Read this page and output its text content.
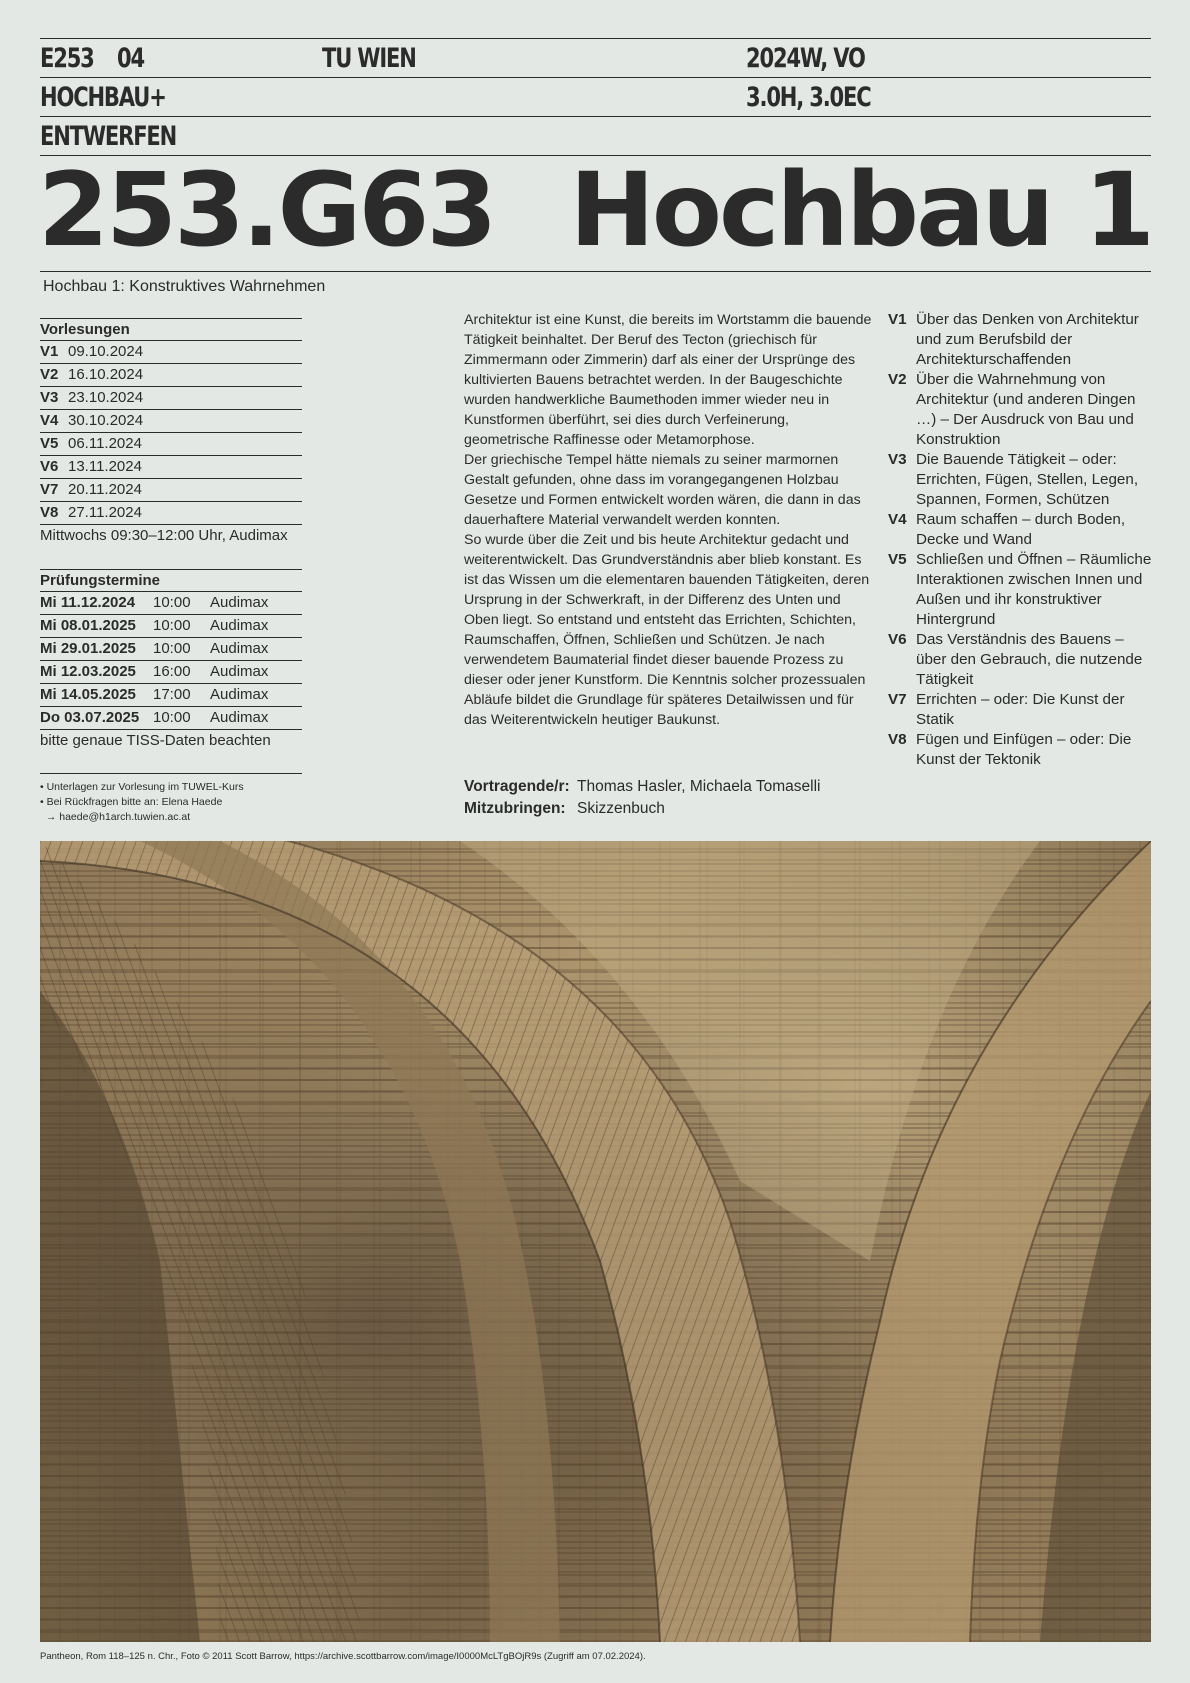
E253 04
HOCHBAU+
ENTWERFEN
TU WIEN	2024W, VO
3.0H, 3.0EC
253.G63 Hochbau 1
Hochbau 1: Konstruktives Wahrnehmen
Vorlesungen
V1 09.10.2024
V2 16.10.2024
V3 23.10.2024
V4 30.10.2024
V5 06.11.2024
V6 13.11.2024
V7 20.11.2024
V8 27.11.2024
Mittwochs 09:30–12:00 Uhr, Audimax
Prüfungstermine
Mi 11.12.2024 10:00 Audimax
Mi 08.01.2025 10:00 Audimax
Mi 29.01.2025 10:00 Audimax
Mi 12.03.2025 16:00 Audimax
Mi 14.05.2025 17:00 Audimax
Do 03.07.2025 10:00 Audimax
bitte genaue TISS-Daten beachten
• Unterlagen zur Vorlesung im TUWEL-Kurs
• Bei Rückfragen bitte an: Elena Haede
→ haede@h1arch.tuwien.ac.at

Architektur ist eine Kunst, die bereits im Wortstamm die bauende Tätigkeit beinhaltet. Der Beruf des Tecton (griechisch für Zimmermann oder Zimmerin) darf als einer der Ursprünge des kultivierten Bauens betrachtet werden. In der Baugeschichte wurden handwerkliche Baumethoden immer wieder neu in Kunstformen überführt, sei dies durch Verfeinerung, geometrische Raffinesse oder Metamorphose.

Der griechische Tempel hätte niemals zu seiner marmornen Gestalt gefunden, ohne dass im vorangegangenen Holzbau Gesetze und Formen entwickelt worden wären, die dann in das dauerhaftere Material verwandelt werden konnten.

So wurde über die Zeit und bis heute Architektur gedacht und weiterentwickelt. Das Grundverständnis aber blieb konstant. Es ist das Wissen um die elementaren bauenden Tätigkeiten, deren Ursprung in der Schwerkraft, in der Differenz des Unten und Oben liegt. So entstand und entsteht das Errichten, Schichten, Raumschaffen, Öffnen, Schließen und Schützen. Je nach verwendetem Baumaterial findet dieser bauende Prozess zu dieser oder jener Kunstform. Die Kenntnis solcher prozessualen Abläufe bildet die Grundlage für späteres Detailwissen und für das Weiterentwickeln heutiger Baukunst.

Vortragende/r: Thomas Hasler, Michaela Tomaselli
Mitzubringen: Skizzenbuch
V1 Über das Denken von Architektur und zum Berufsbild der Architekturschaffenden
V2 Über die Wahrnehmung von Architektur (und anderen Dingen …) – Der Ausdruck von Bau und Konstruktion
V3 Die Bauende Tätigkeit – oder: Errichten, Fügen, Stellen, Legen, Spannen, Formen, Schützen
V4 Raum schaffen – durch Boden, Decke und Wand
V5 Schließen und Öffnen – Räumliche Interaktionen zwischen Innen und Außen und ihr konstruktiver Hintergrund
V6 Das Verständnis des Bauens – über den Gebrauch, die nutzende Tätigkeit
V7 Errichten – oder: Die Kunst der Statik
V8 Fügen und Einfügen – oder: Die Kunst der Tektonik
Pantheon, Rom 118–125 n. Chr., Foto © 2011 Scott Barrow, https://archive.scottbarrow.com/image/I0000McLTgBOjR9s (Zugriff am 07.02.2024).
